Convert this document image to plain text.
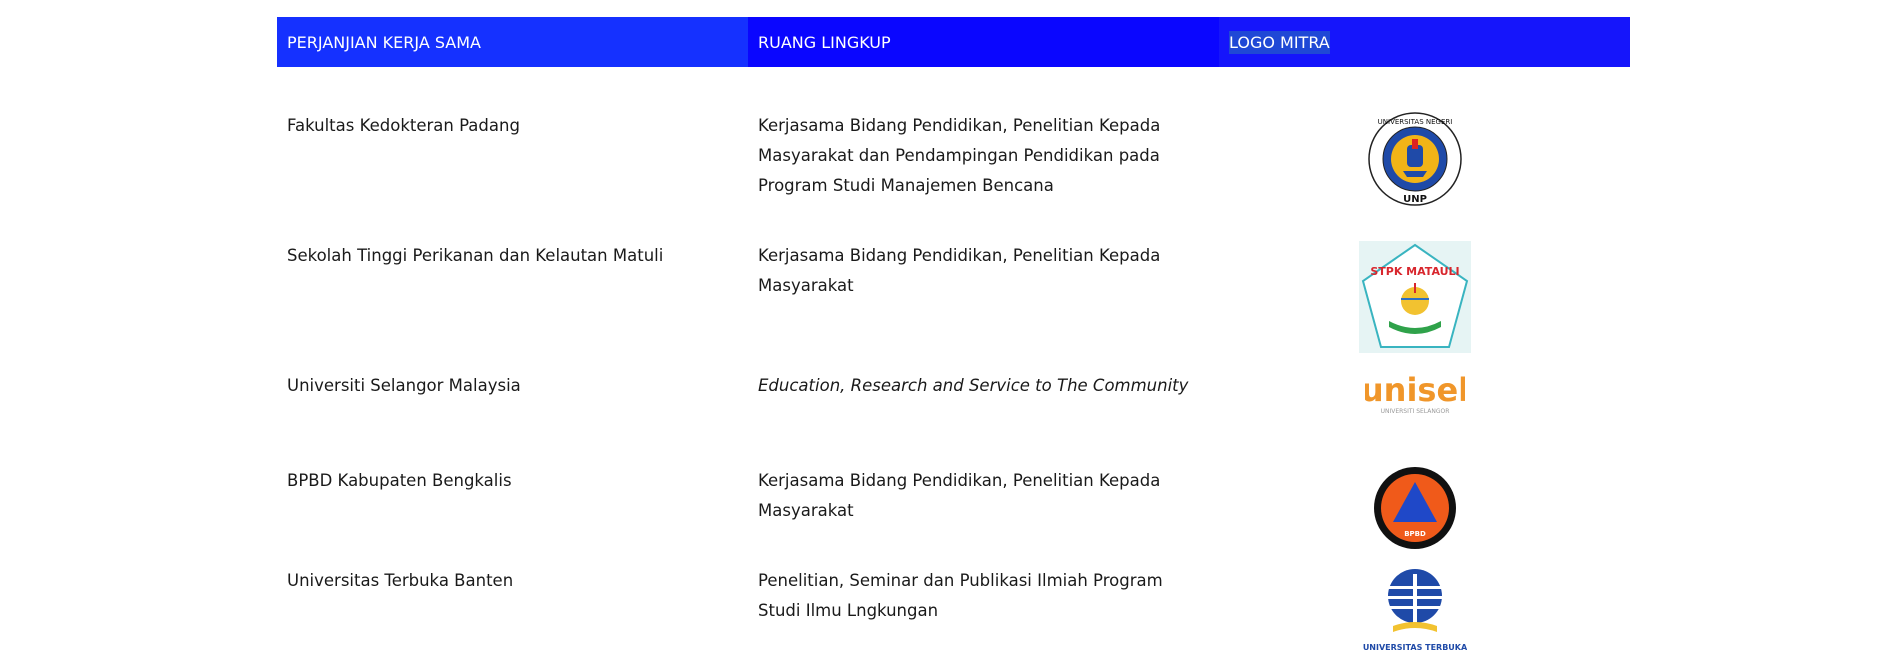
PERJANJIAN KERJA SAMA	RUANG LINGKUP	LOGO MITRA

Fakultas Kedokteran Padang	Kerjasama Bidang Pendidikan, Penelitian Kepada Masyarakat dan Pendampingan Pendidikan pada Program Studi Manajemen Bencana	UNP
UNIVERSITAS NEGERI

Sekolah Tinggi Perikanan dan Kelautan Matuli	Kerjasama Bidang Pendidikan, Penelitian Kepada Masyarakat	STPK MATAULI

Universiti Selangor Malaysia	Education, Research and Service to The Community	unisel
UNIVERSITI SELANGOR

BPBD Kabupaten Bengkalis	Kerjasama Bidang Pendidikan, Penelitian Kepada Masyarakat	BPBD

Universitas Terbuka Banten	Penelitian, Seminar dan Publikasi Ilmiah Program Studi Ilmu Lngkungan	UNIVERSITAS TERBUKA
